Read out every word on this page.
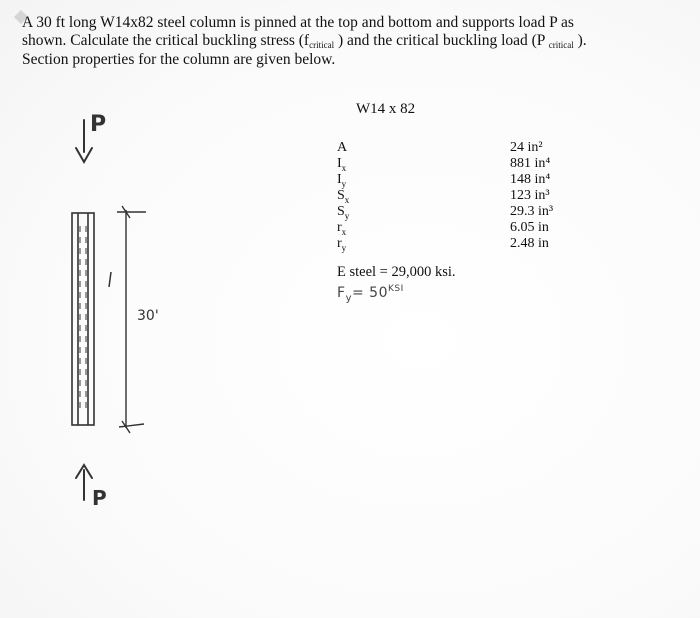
A 30 ft long W14x82 steel column is pinned at the top and bottom and supports load P as
shown. Calculate the critical buckling stress (fcritical ) and the critical buckling load (P critical ).
Section properties for the column are given below.
W14 x 82
A
$I_x$
$I_y$
$S_x$
$S_y$
$r_x$
$r_y$
24 in²
881 in⁴
148 in⁴
123 in³
29.3 in³
6.05 in
2.48 in
E steel = 29,000 ksi.
$F_y= 50^{KSI}$
P
P
30'
